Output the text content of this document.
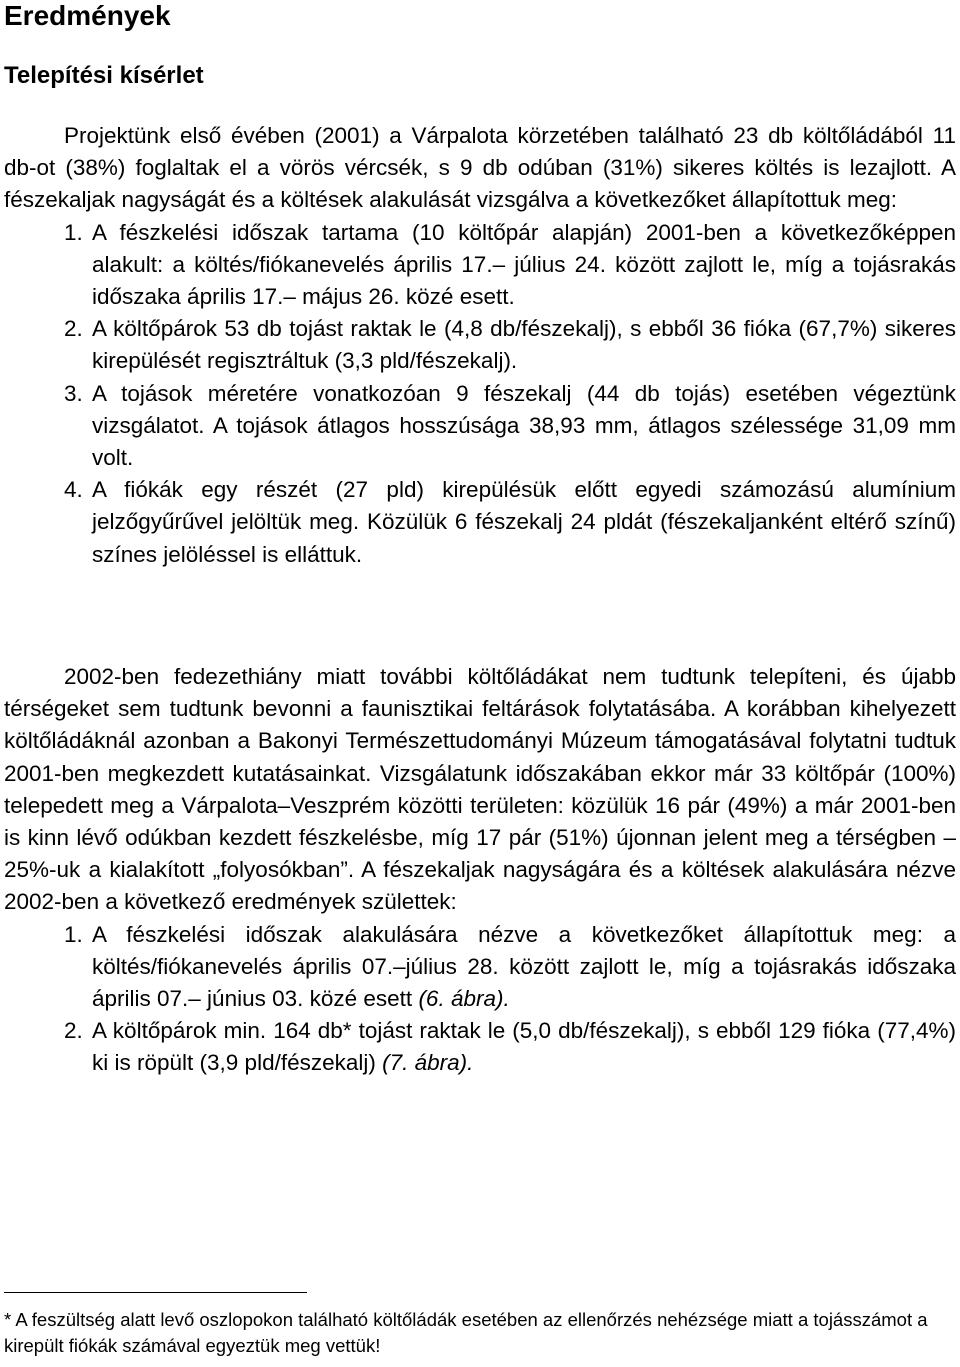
Eredmények
Telepítési kísérlet

Projektünk első évében (2001) a Várpalota körzetében található 23 db költőládából 11 db-ot (38%) foglaltak el a vörös vércsék, s 9 db odúban (31%) sikeres költés is lezajlott. A fészekaljak nagyságát és a költések alakulását vizsgálva a következőket állapítottuk meg:

1. A fészkelési időszak tartama (10 költőpár alapján) 2001-ben a következőképpen alakult: a költés/fiókanevelés április 17.– július 24. között zajlott le, míg a tojásrakás időszaka április 17.– május 26. közé esett.
2. A költőpárok 53 db tojást raktak le (4,8 db/fészekalj), s ebből 36 fióka (67,7%) sikeres kirepülését regisztráltuk (3,3 pld/fészekalj).
3. A tojások méretére vonatkozóan 9 fészekalj (44 db tojás) esetében végeztünk vizsgálatot. A tojások átlagos hosszúsága 38,93 mm, átlagos szélessége 31,09 mm volt.
4. A fiókák egy részét (27 pld) kirepülésük előtt egyedi számozású alumínium jelzőgyűrűvel jelöltük meg. Közülük 6 fészekalj 24 pldát (fészekaljanként eltérő színű) színes jelöléssel is elláttuk.

2002-ben fedezethiány miatt további költőládákat nem tudtunk telepíteni, és újabb térségeket sem tudtunk bevonni a faunisztikai feltárások folytatásába. A korábban kihelyezett költőládáknál azonban a Bakonyi Természettudományi Múzeum támogatásával folytatni tudtuk 2001-ben megkezdett kutatásainkat. Vizsgálatunk időszakában ekkor már 33 költőpár (100%) telepedett meg a Várpalota–Veszprém közötti területen: közülük 16 pár (49%) a már 2001-ben is kinn lévő odúkban kezdett fészkelésbe, míg 17 pár (51%) újonnan jelent meg a térségben – 25%-uk a kialakított „folyosókban”. A fészekaljak nagyságára és a költések alakulására nézve 2002-ben a következő eredmények születtek:

1. A fészkelési időszak alakulására nézve a következőket állapítottuk meg: a költés/fiókanevelés április 07.–július 28. között zajlott le, míg a tojásrakás időszaka április 07.– június 03. közé esett (6. ábra).
2. A költőpárok min. 164 db* tojást raktak le (5,0 db/fészekalj), s ebből 129 fióka (77,4%) ki is röpült (3,9 pld/fészekalj) (7. ábra).

* A feszültség alatt levő oszlopokon található költőládák esetében az ellenőrzés nehézsége miatt a tojásszámot a kirepült fiókák számával egyeztük meg vettük!
